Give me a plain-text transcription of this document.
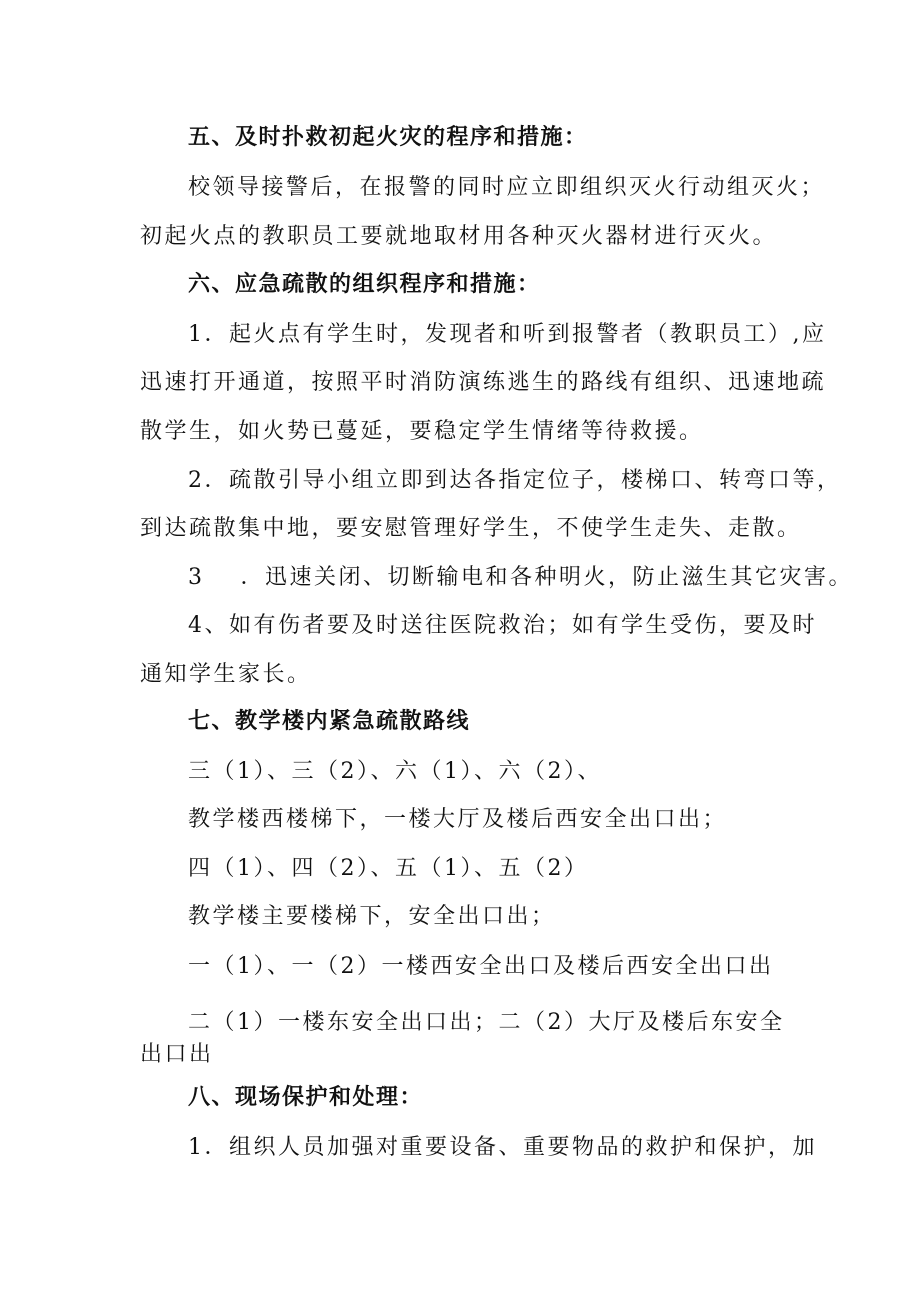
五、及时扑救初起火灾的程序和措施：
校领导接警后，在报警的同时应立即组织灭火行动组灭火；
初起火点的教职员工要就地取材用各种灭火器材进行灭火。
六、应急疏散的组织程序和措施：
1．起火点有学生时，发现者和听到报警者（教职员工）,应
迅速打开通道，按照平时消防演练逃生的路线有组织、迅速地疏
散学生，如火势已蔓延，要稳定学生情绪等待救援。
2．疏散引导小组立即到达各指定位子，楼梯口、转弯口等，
到达疏散集中地，要安慰管理好学生，不使学生走失、走散。
3 ．迅速关闭、切断输电和各种明火，防止滋生其它灾害。
4、如有伤者要及时送往医院救治；如有学生受伤，要及时
通知学生家长。
七、教学楼内紧急疏散路线
三（1）、三（2）、六（1）、六（2）、
教学楼西楼梯下，一楼大厅及楼后西安全出口出；
四（1）、四（2）、五（1）、五（2）
教学楼主要楼梯下，安全出口出；
一（1）、一（2）一楼西安全出口及楼后西安全出口出
二（1）一楼东安全出口出；二（2）大厅及楼后东安全
出口出
八、现场保护和处理：
1．组织人员加强对重要设备、重要物品的救护和保护，加
